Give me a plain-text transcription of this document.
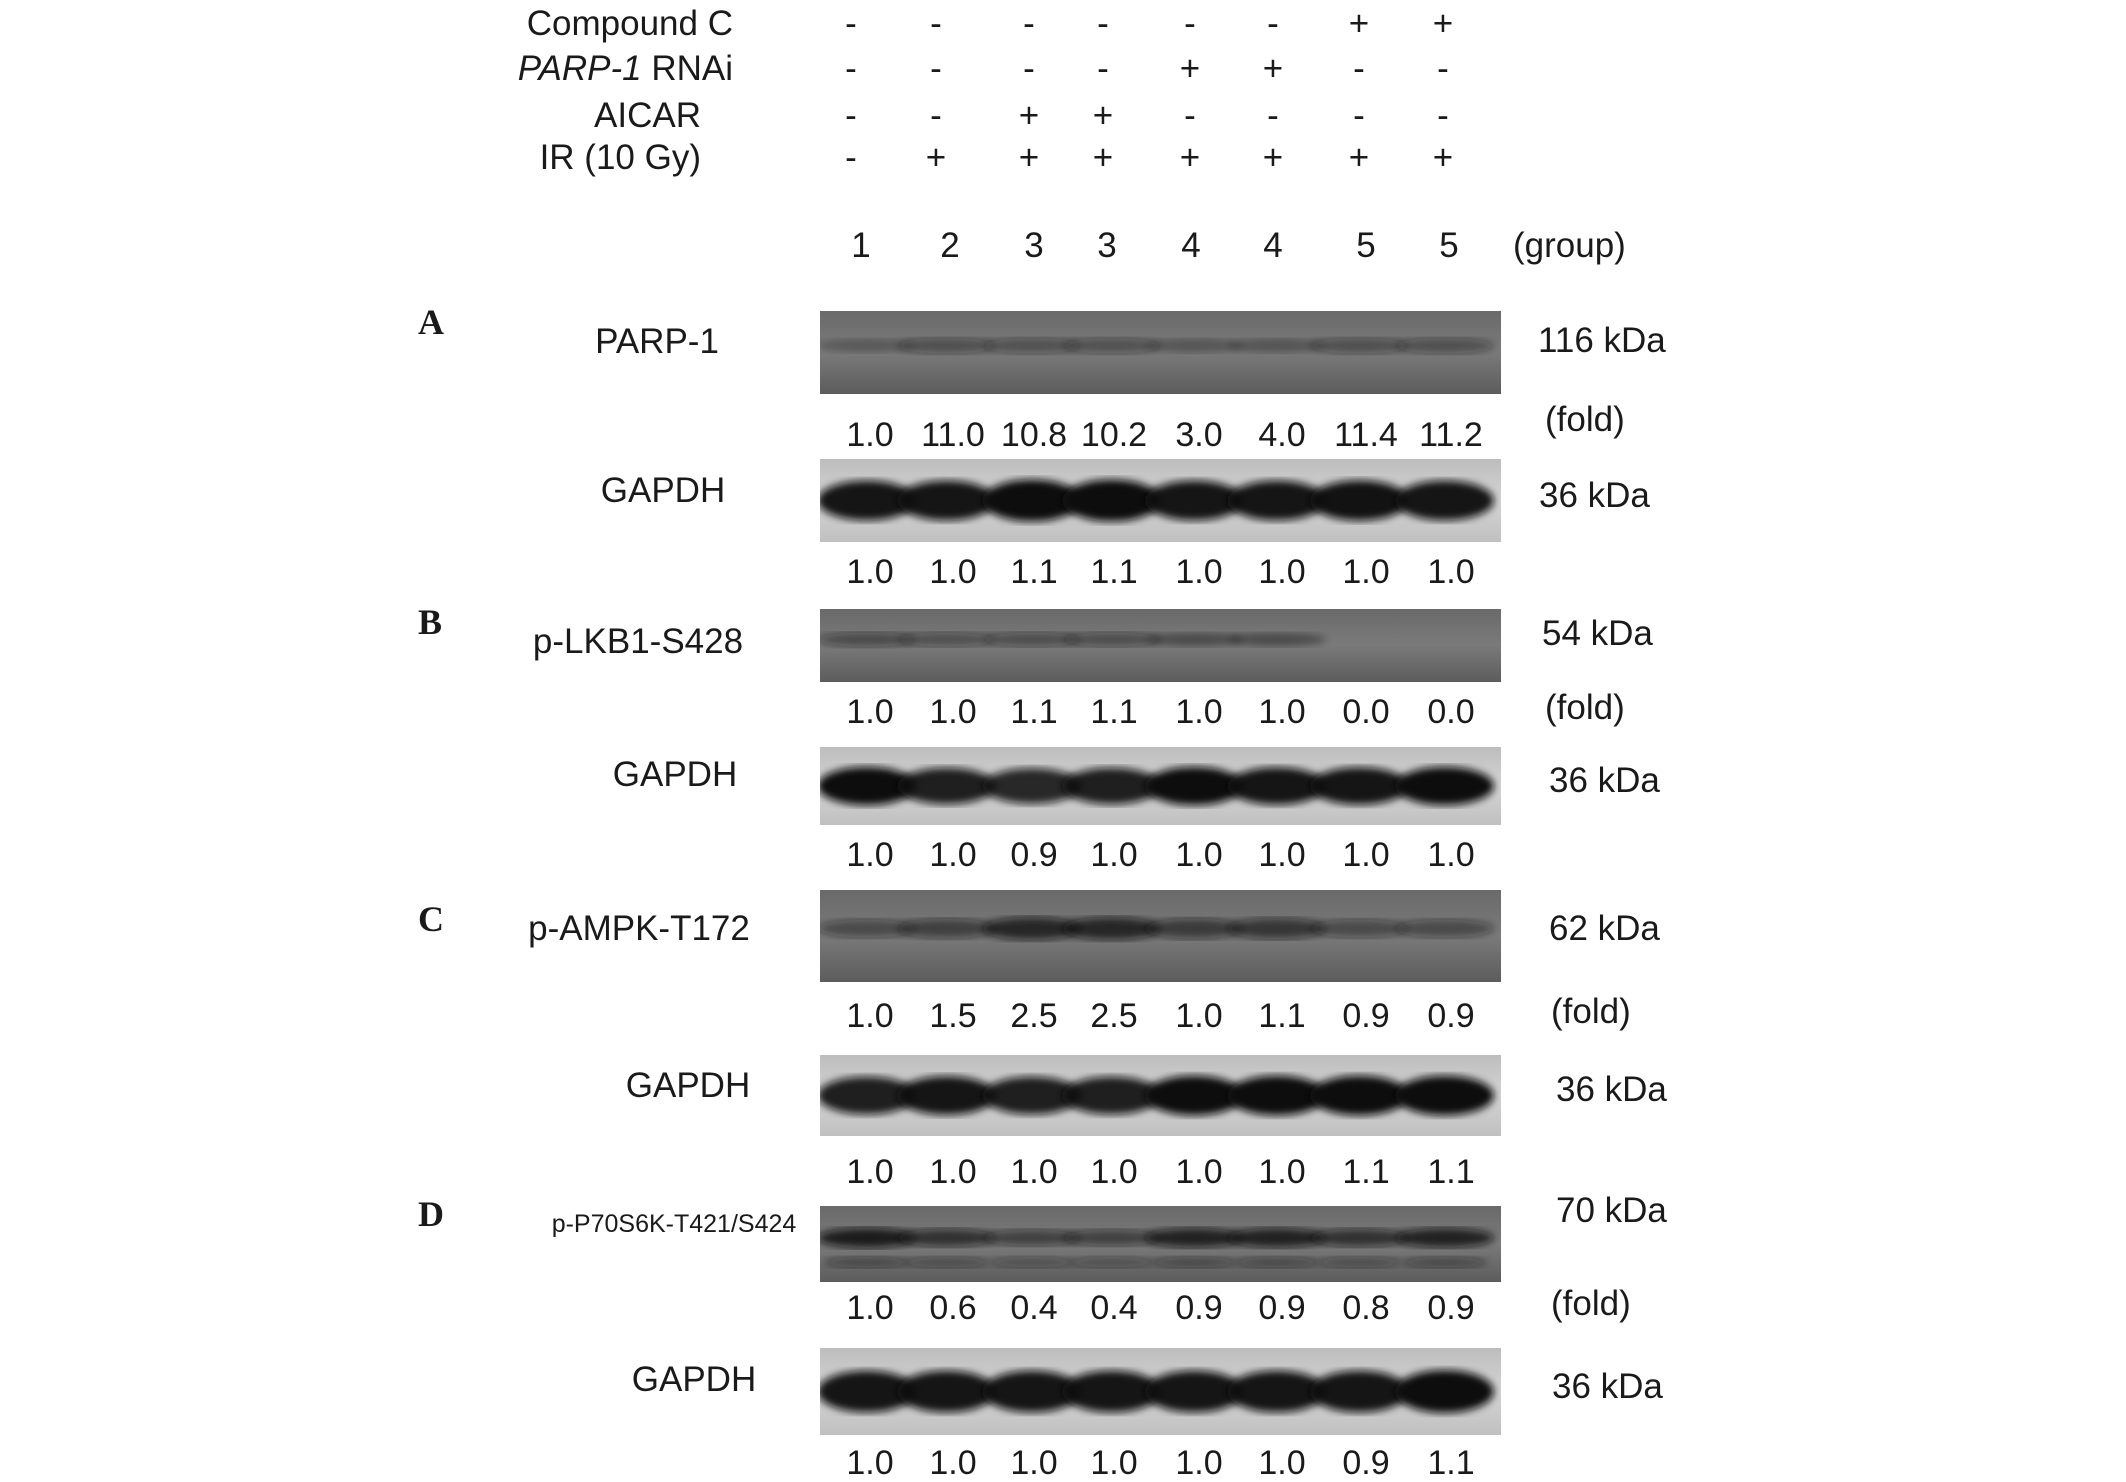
Compound C	-	-	-	-	-	-	+ +
PARP-1 RNAi	-	-	-	-	+ +	-	-
AICAR	-	-	+ +	-	-	-	-
IR (10 Gy)	-	+ + + + + + +
1 2 3 3 4 4 5 5 (group)
A	PARP-1	116 kDa
1.0 11.0 10.8 10.2 3.0	4.0 11.4 11.2 (fold)
GAPDH	36 kDa
1.0	1.0 1.1 1.1	1.0	1.0	1.0	1.0
B	p-LKB1-S428	54 kDa
1.0	1.0 1.1 1.1	1.0	1.0	0.0	0.0	(fold)
GAPDH	36 kDa
1.0	1.0 0.9 1.0	1.0	1.0	1.0	1.0
C	p-AMPK-T172	62 kDa
1.0	1.5 2.5 2.5	1.0	1.1	0.9	0.9	(fold)
GAPDH	36 kDa
1.0	1.0 1.0 1.0	1.0	1.0	1.1	1.1
D	p-P70S6K-T421/S424	70 kDa
1.0	0.6 0.4 0.4	0.9	0.9	0.8	0.9	(fold)
GAPDH	36 kDa
1.0	1.0 1.0 1.0	1.0	1.0	0.9	1.1
